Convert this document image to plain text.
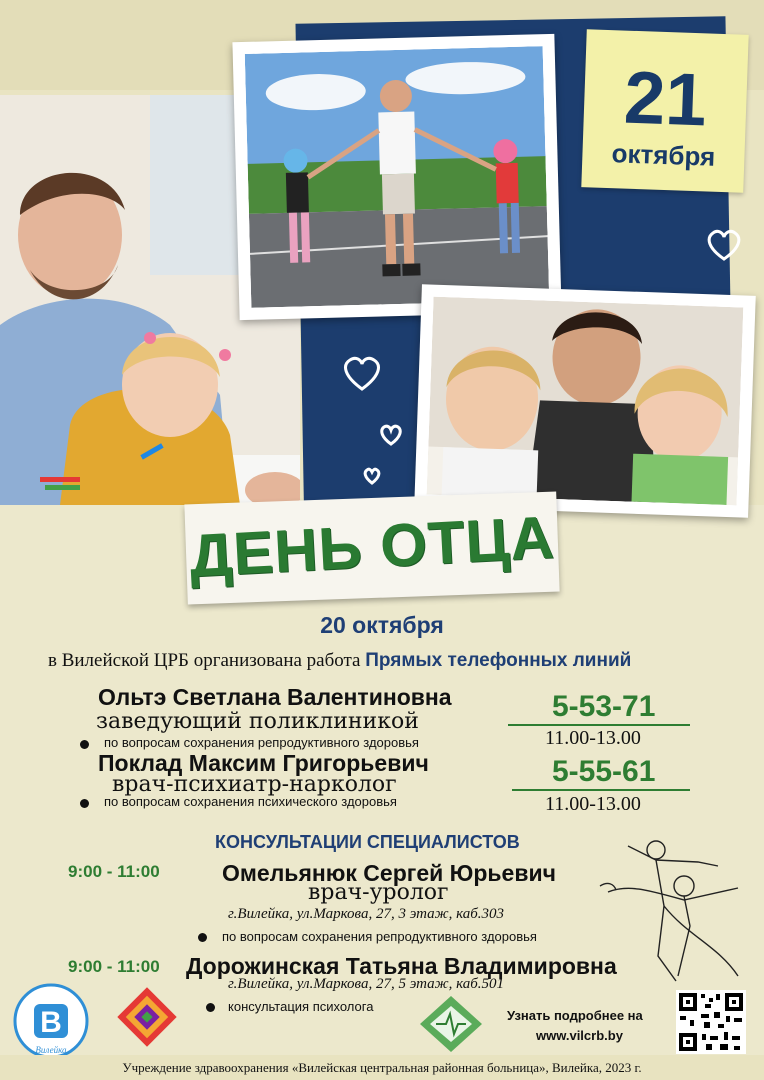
21
октября
ДЕНЬ ОТЦА
20 октября
в Вилейской ЦРБ организована работа Прямых телефонных линий
Ольтэ Светлана Валентиновна
заведующий поликлиникой
по вопросам сохранения репродуктивного здоровья
5-53-71
11.00-13.00
Поклад Максим Григорьевич
врач-психиатр-нарколог
по вопросам сохранения психического здоровья
5-55-61
11.00-13.00
КОНСУЛЬТАЦИИ СПЕЦИАЛИСТОВ
9:00 - 11:00	Омельянюк Сергей Юрьевич
врач-уролог
г.Вилейка, ул.Маркова, 27, 3 этаж, каб.303
по вопросам сохранения репродуктивного здоровья
9:00 - 11:00 Дорожинская Татьяна Владимировна
г.Вилейка, ул.Маркова, 27, 5 этаж, каб.501
консультация психолога
В
Вилейка
Узнать подробнее на
www.vilcrb.by
Учреждение здравоохранения «Вилейская центральная районная больница», Вилейка, 2023 г.
